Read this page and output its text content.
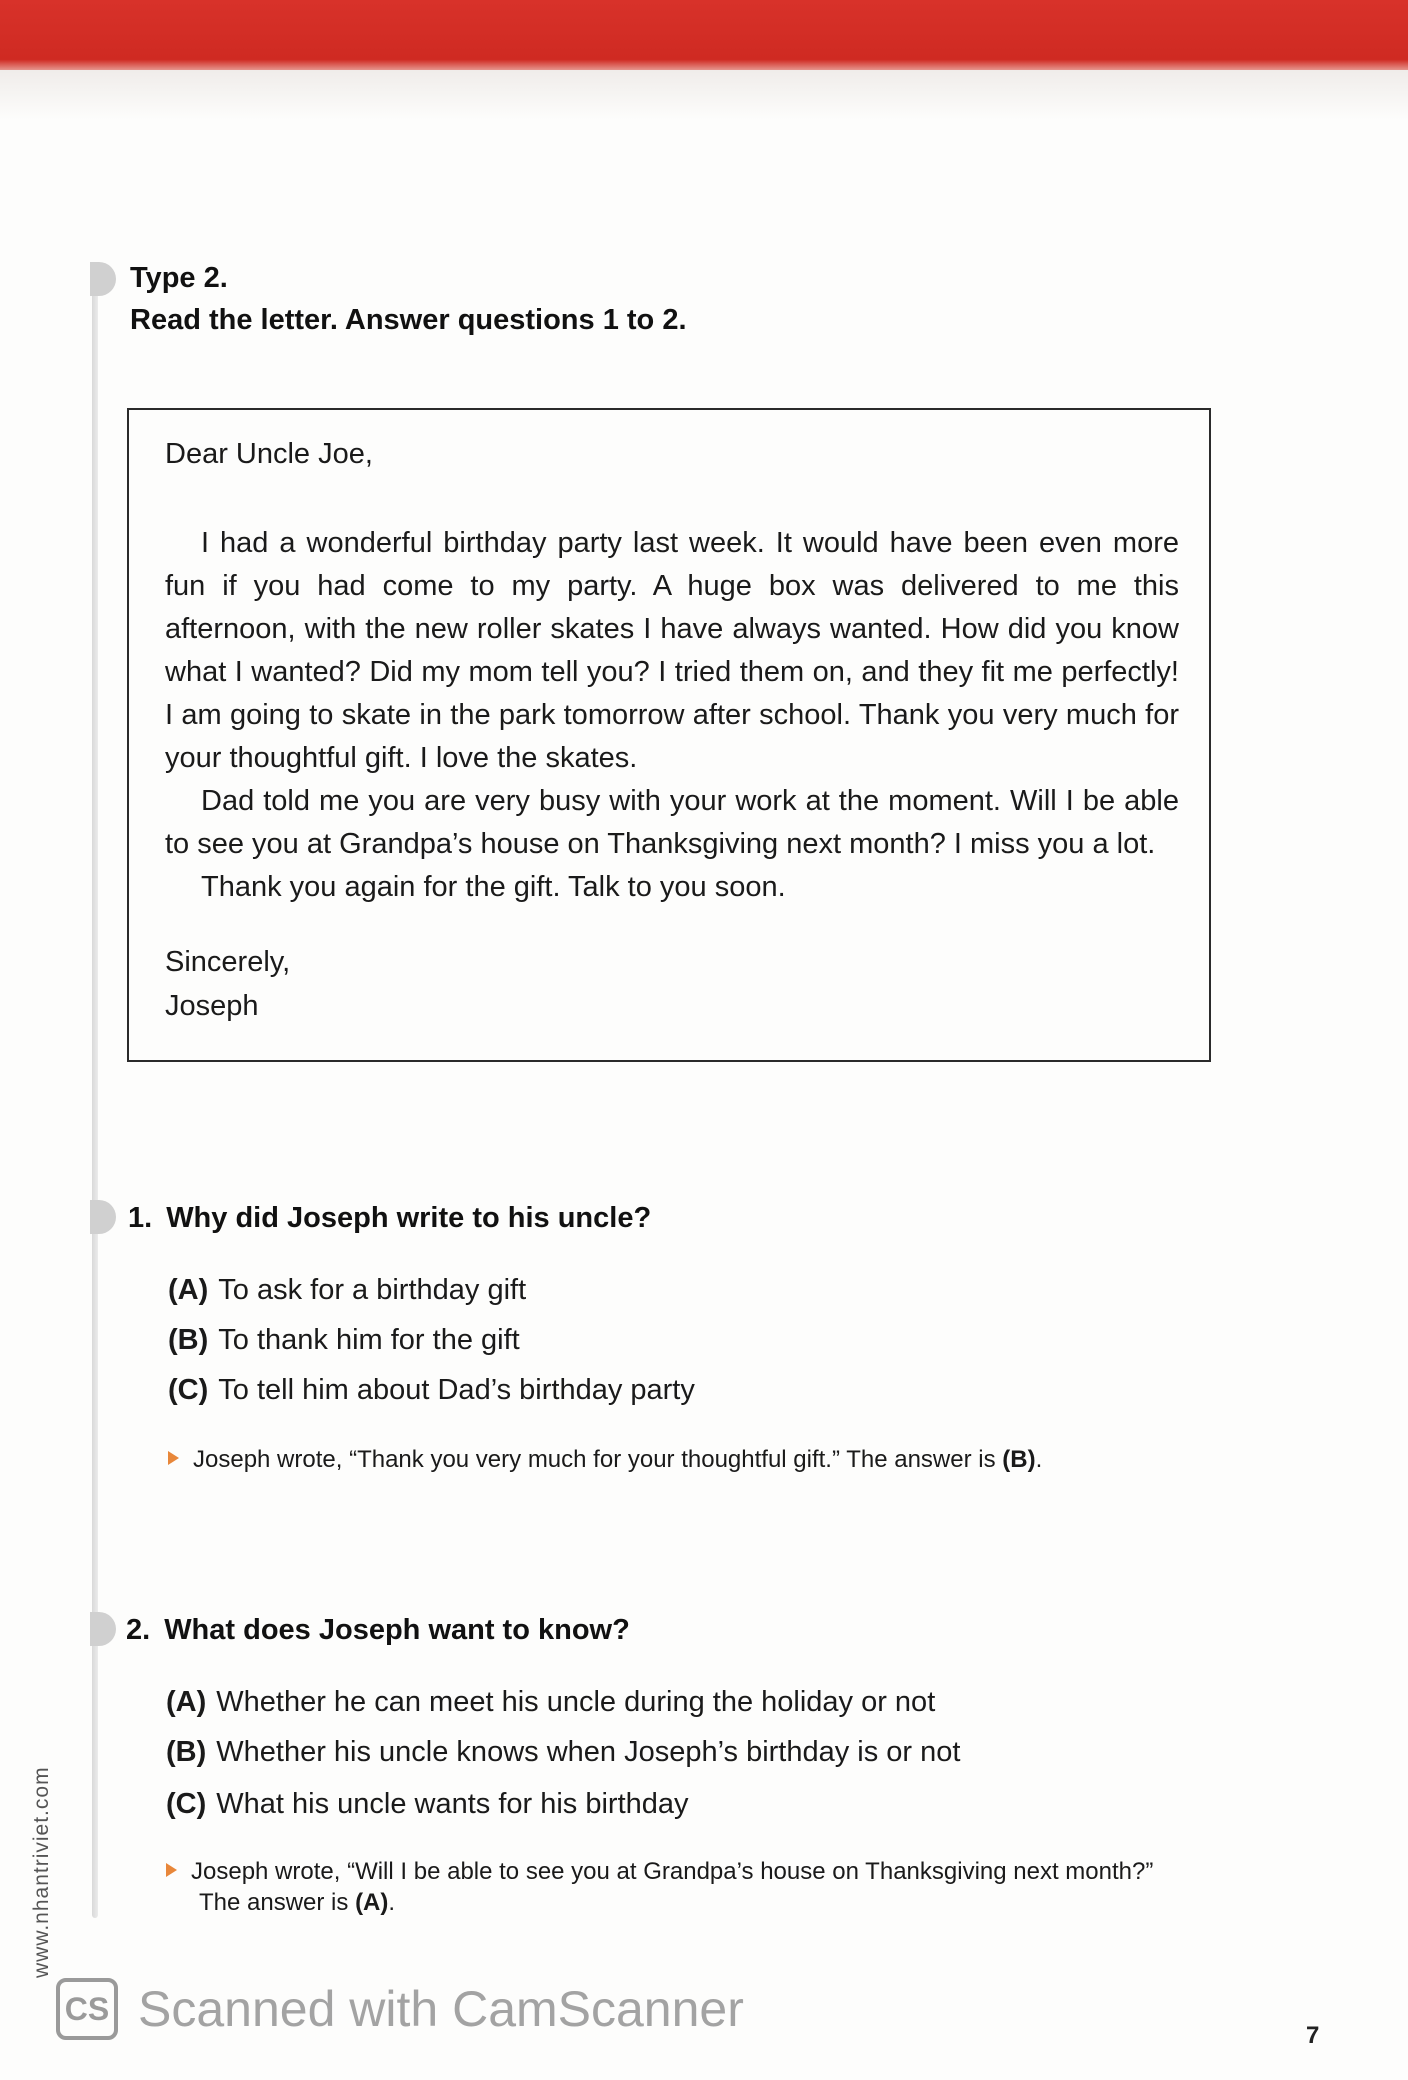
Type 2.
Read the letter. Answer questions 1 to 2.
Dear Uncle Joe,

I had a wonderful birthday party last week. It would have been even more fun if you had come to my party. A huge box was delivered to me this afternoon, with the new roller skates I have always wanted. How did you know what I wanted? Did my mom tell you? I tried them on, and they fit me perfectly! I am going to skate in the park tomorrow after school. Thank you very much for your thoughtful gift. I love the skates.

Dad told me you are very busy with your work at the moment. Will I be able to see you at Grandpa’s house on Thanksgiving next month? I miss you a lot.

Thank you again for the gift. Talk to you soon.

Sincerely,
Joseph
1. Why did Joseph write to his uncle?
(A) To ask for a birthday gift
(B) To thank him for the gift
(C) To tell him about Dad’s birthday party
Joseph wrote, “Thank you very much for your thoughtful gift.” The answer is (B).
2. What does Joseph want to know?
(A) Whether he can meet his uncle during the holiday or not
(B) Whether his uncle knows when Joseph’s birthday is or not
(C) What his uncle wants for his birthday
Joseph wrote, “Will I be able to see you at Grandpa’s house on Thanksgiving next month?”
The answer is (A).
www.nhantriviet.com
CS Scanned with CamScanner	7
